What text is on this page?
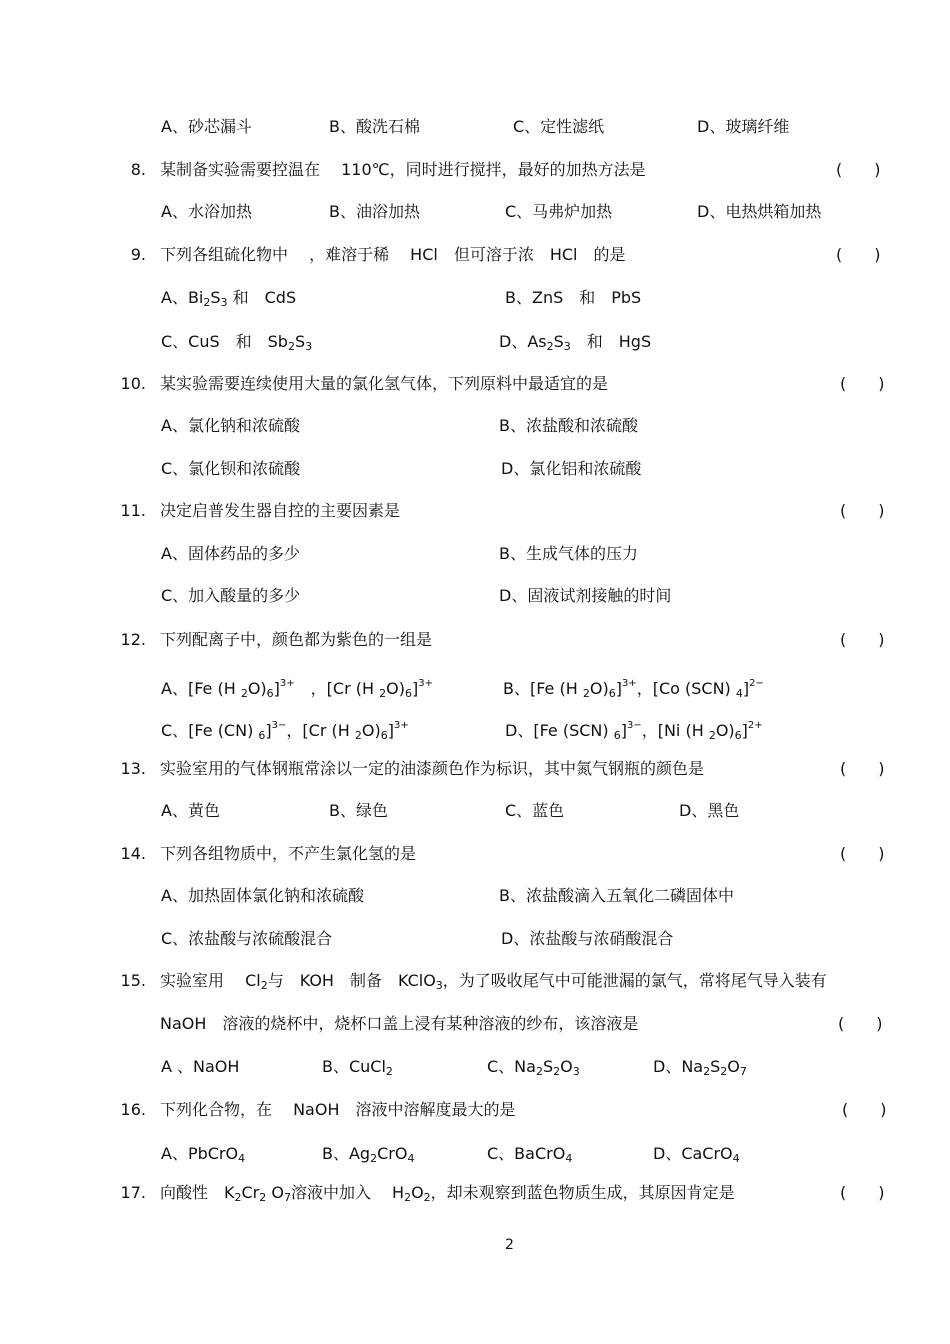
A、砂芯漏斗	B、酸洗石棉	C、定性滤纸	D、玻璃纤维
8. 某制备实验需要控温在　 110℃，同时进行搅拌，最好的加热方法是	(　　)
A、水浴加热	B、油浴加热	C、马弗炉加热	D、电热烘箱加热
9. 下列各组硫化物中　 ，难溶于稀　 HCl　但可溶于浓　HCl　的是	(　　)
A、$Bi_2S_3$ 和　CdS	B、ZnS　和　PbS
C、CuS　和　$Sb_2S_3$	D、$As_2S_3$　和　HgS
10. 某实验需要连续使用大量的氯化氢气体，下列原料中最适宜的是	(　　)
A、氯化钠和浓硫酸	B、浓盐酸和浓硫酸
C、氯化钡和浓硫酸	D、氯化铝和浓硫酸
11. 决定启普发生器自控的主要因素是	(　　)
A、固体药品的多少	B、生成气体的压力
C、加入酸量的多少	D、固液试剂接触的时间
12. 下列配离子中，颜色都为紫色的一组是	(　　)
A、[Fe (H $_2O)_6]^{3+}$　，[Cr (H $_2O)_6]^{3+}$	B、[Fe (H $_2O)_6]^{3+}$，[Co (SCN) $_4$]$^{2-}$
C、[Fe (CN) $_6$]$^{3-}$，[Cr (H $_2O)_6]^{3+}$	D、[Fe (SCN) $_6$]$^{3-}$，[Ni (H $_2O)_6]^{2+}$
13. 实验室用的气体钢瓶常涂以一定的油漆颜色作为标识，其中氮气钢瓶的颜色是	(　　)
A、黄色	B、绿色	C、蓝色	D、黑色
14. 下列各组物质中，不产生氯化氢的是	(　　)
A、加热固体氯化钠和浓硫酸	B、浓盐酸滴入五氧化二磷固体中
C、浓盐酸与浓硫酸混合	D、浓盐酸与浓硝酸混合
15. 实验室用　 $Cl_2$与　KOH　制备　KClO$_3$，为了吸收尾气中可能泄漏的氯气，常将尾气导入装有
NaOH　溶液的烧杯中，烧杯口盖上浸有某种溶液的纱布，该溶液是	(　　)
A 、NaOH	B、CuCl$_2$	C、$Na_2S_2O_3$	D、$Na_2S_2O_7$
16. 下列化合物，在　 NaOH　溶液中溶解度最大的是	(　　)
A、PbCrO$_4$	B、$Ag_2CrO_4$	C、BaCrO$_4$	D、CaCrO$_4$
17. 向酸性　$K_2Cr_2$ $O_7$溶液中加入　 $H_2O_2$，却未观察到蓝色物质生成，其原因肯定是	(　　)
2
